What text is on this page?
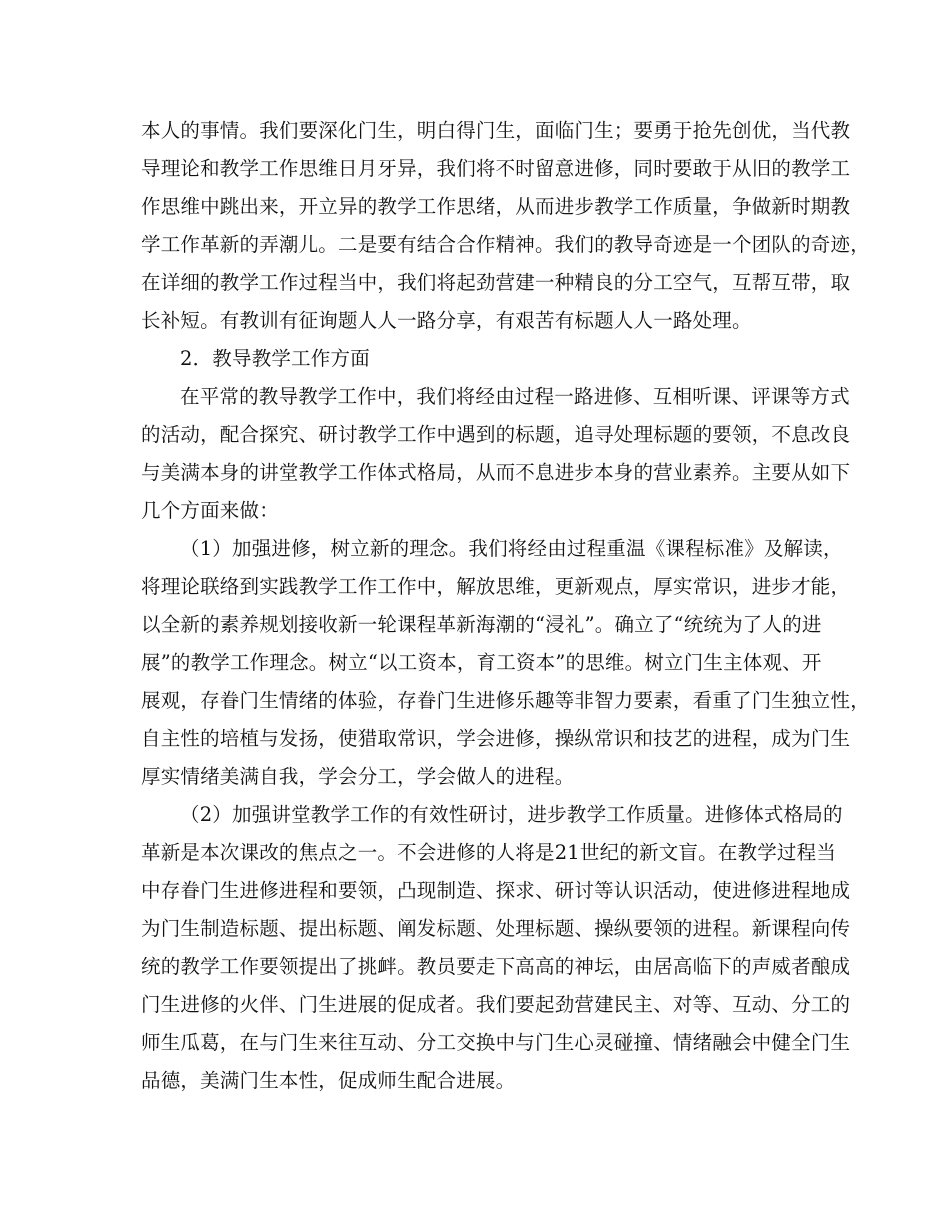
本人的事情。我们要深化门生，明白得门生，面临门生；要勇于抢先创优，当代教
导理论和教学工作思维日月牙异，我们将不时留意进修，同时要敢于从旧的教学工
作思维中跳出来，开立异的教学工作思绪，从而进步教学工作质量，争做新时期教
学工作革新的弄潮儿。二是要有结合合作精神。我们的教导奇迹是一个团队的奇迹，
在详细的教学工作过程当中，我们将起劲营建一种精良的分工空气，互帮互带，取
长补短。有教训有征询题人人一路分享，有艰苦有标题人人一路处理。
2．教导教学工作方面
在平常的教导教学工作中，我们将经由过程一路进修、互相听课、评课等方式
的活动，配合探究、研讨教学工作中遇到的标题，追寻处理标题的要领，不息改良
与美满本身的讲堂教学工作体式格局，从而不息进步本身的营业素养。主要从如下
几个方面来做：
（1）加强进修，树立新的理念。我们将经由过程重温《课程标准》及解读，
将理论联络到实践教学工作工作中，解放思维，更新观点，厚实常识，进步才能，
以全新的素养规划接收新一轮课程革新海潮的“浸礼”。确立了“统统为了人的进
展”的教学工作理念。树立“以工资本，育工资本”的思维。树立门生主体观、开
展观，存眷门生情绪的体验，存眷门生进修乐趣等非智力要素，看重了门生独立性，
自主性的培植与发扬，使猎取常识，学会进修，操纵常识和技艺的进程，成为门生
厚实情绪美满自我，学会分工，学会做人的进程。
（2）加强讲堂教学工作的有效性研讨，进步教学工作质量。进修体式格局的
革新是本次课改的焦点之一。不会进修的人将是21世纪的新文盲。在教学过程当
中存眷门生进修进程和要领，凸现制造、探求、研讨等认识活动，使进修进程地成
为门生制造标题、提出标题、阐发标题、处理标题、操纵要领的进程。新课程向传
统的教学工作要领提出了挑衅。教员要走下高高的神坛，由居高临下的声威者酿成
门生进修的火伴、门生进展的促成者。我们要起劲营建民主、对等、互动、分工的
师生瓜葛，在与门生来往互动、分工交换中与门生心灵碰撞、情绪融会中健全门生
品德，美满门生本性，促成师生配合进展。
